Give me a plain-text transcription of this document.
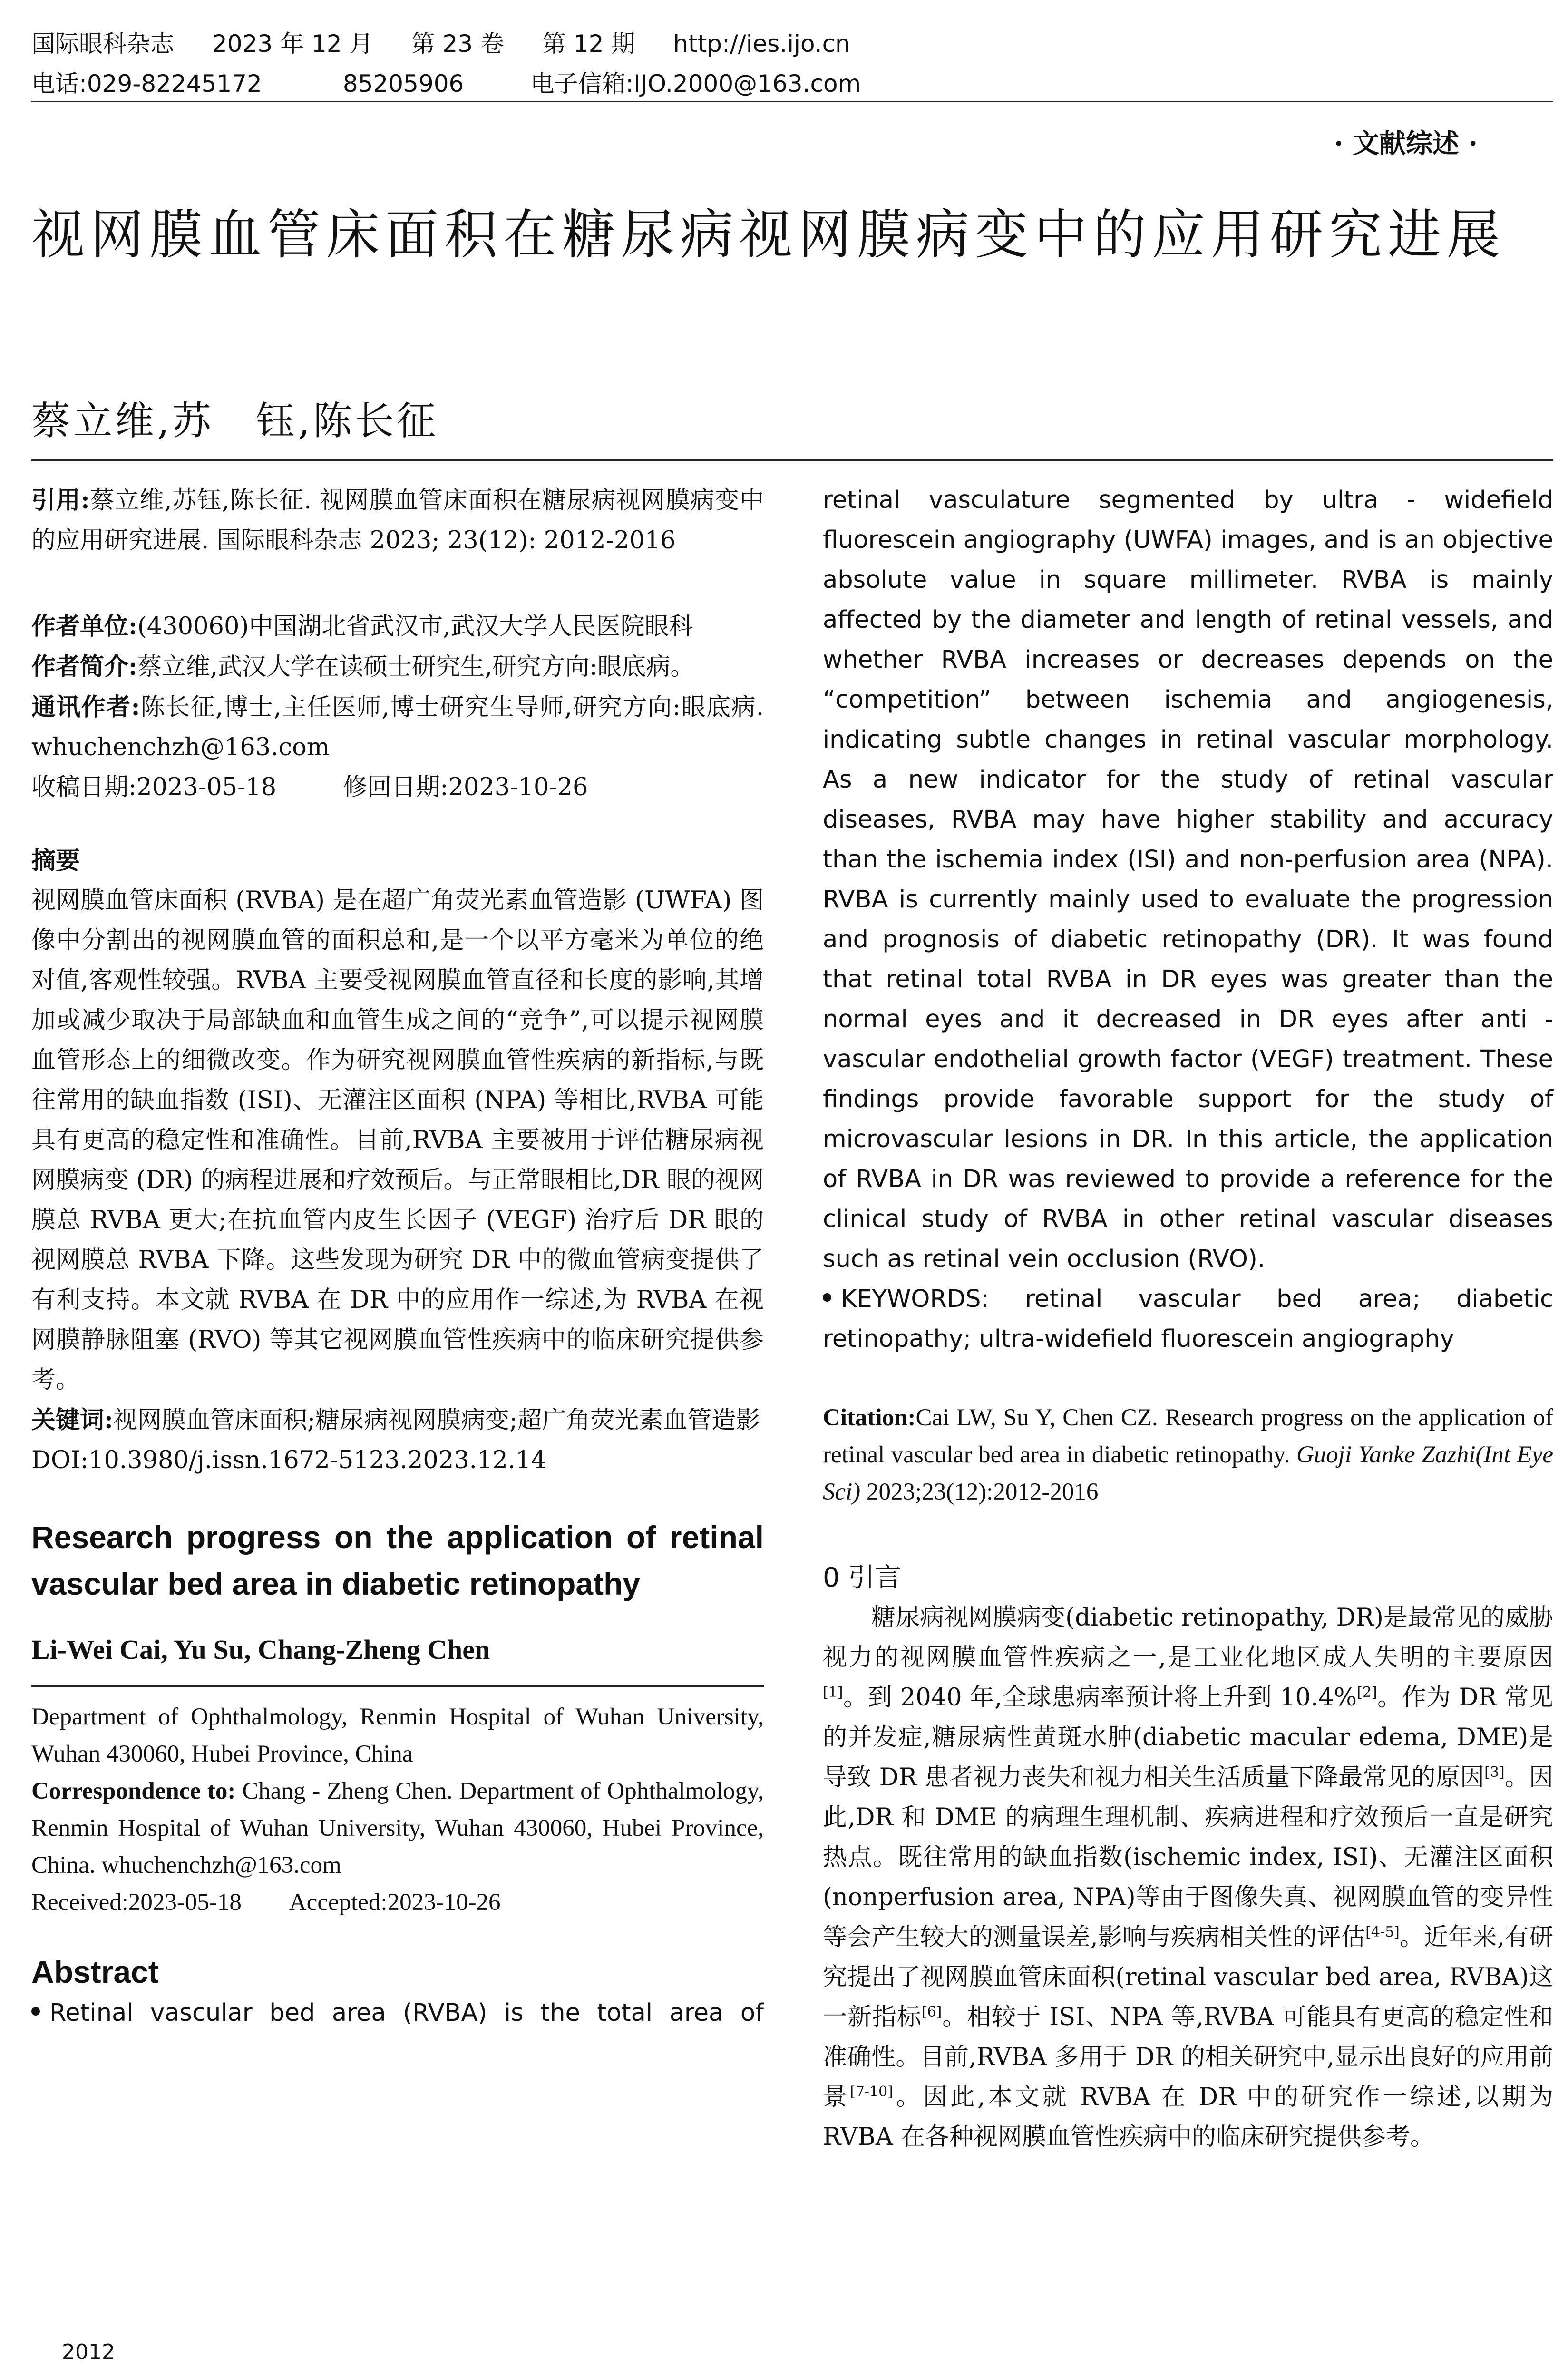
国际眼科杂志 2023 年 12 月 第 23 卷 第 12 期 http://ies.ijo.cn
电话:029-82245172	85205906	电子信箱:IJO.2000@163.com
· 文献综述 ·
视网膜血管床面积在糖尿病视网膜病变中的应用研究进展
蔡立维,苏　钰,陈长征

引用:蔡立维,苏钰,陈长征. 视网膜血管床面积在糖尿病视网膜病变中的应用研究进展. 国际眼科杂志 2023; 23(12): 2012-2016

作者单位:(430060)中国湖北省武汉市,武汉大学人民医院眼科

作者简介:蔡立维,武汉大学在读硕士研究生,研究方向:眼底病。

通讯作者:陈长征,博士,主任医师,博士研究生导师,研究方向:眼底病. whuchenchzh@163.com

收稿日期:2023-05-18	修回日期:2023-10-26

摘要

视网膜血管床面积 (RVBA) 是在超广角荧光素血管造影 (UWFA) 图像中分割出的视网膜血管的面积总和,是一个以平方毫米为单位的绝对值,客观性较强。RVBA 主要受视网膜血管直径和长度的影响,其增加或减少取决于局部缺血和血管生成之间的“竞争”,可以提示视网膜血管形态上的细微改变。作为研究视网膜血管性疾病的新指标,与既往常用的缺血指数 (ISI)、无灌注区面积 (NPA) 等相比,RVBA 可能具有更高的稳定性和准确性。目前,RVBA 主要被用于评估糖尿病视网膜病变 (DR) 的病程进展和疗效预后。与正常眼相比,DR 眼的视网膜总 RVBA 更大;在抗血管内皮生长因子 (VEGF) 治疗后 DR 眼的视网膜总 RVBA 下降。这些发现为研究 DR 中的微血管病变提供了有利支持。本文就 RVBA 在 DR 中的应用作一综述,为 RVBA 在视网膜静脉阻塞 (RVO) 等其它视网膜血管性疾病中的临床研究提供参考。

关键词:视网膜血管床面积;糖尿病视网膜病变;超广角荧光素血管造影

DOI:10.3980/j.issn.1672-5123.2023.12.14

Research progress on the application of retinal vascular bed area in diabetic retinopathy

Li-Wei Cai, Yu Su, Chang-Zheng Chen

Department of Ophthalmology, Renmin Hospital of Wuhan University, Wuhan 430060, Hubei Province, China

Correspondence to: Chang - Zheng Chen. Department of Ophthalmology, Renmin Hospital of Wuhan University, Wuhan 430060, Hubei Province, China. whuchenchzh@163.com

Received:2023-05-18 Accepted:2023-10-26

Abstract

Retinal vascular bed area (RVBA) is the total area of

2012

retinal vasculature segmented by ultra - widefield fluorescein angiography (UWFA) images, and is an objective absolute value in square millimeter. RVBA is mainly affected by the diameter and length of retinal vessels, and whether RVBA increases or decreases depends on the “competition” between ischemia and angiogenesis, indicating subtle changes in retinal vascular morphology. As a new indicator for the study of retinal vascular diseases, RVBA may have higher stability and accuracy than the ischemia index (ISI) and non-perfusion area (NPA). RVBA is currently mainly used to evaluate the progression and prognosis of diabetic retinopathy (DR). It was found that retinal total RVBA in DR eyes was greater than the normal eyes and it decreased in DR eyes after anti - vascular endothelial growth factor (VEGF) treatment. These findings provide favorable support for the study of microvascular lesions in DR. In this article, the application of RVBA in DR was reviewed to provide a reference for the clinical study of RVBA in other retinal vascular diseases such as retinal vein occlusion (RVO).

KEYWORDS: retinal vascular bed area; diabetic retinopathy; ultra-widefield fluorescein angiography

Citation:Cai LW, Su Y, Chen CZ. Research progress on the application of retinal vascular bed area in diabetic retinopathy. Guoji Yanke Zazhi(Int Eye Sci) 2023;23(12):2012-2016

0 引言

糖尿病视网膜病变(diabetic retinopathy, DR)是最常见的威胁视力的视网膜血管性疾病之一,是工业化地区成人失明的主要原因[1]。到 2040 年,全球患病率预计将上升到 10.4%[2]。作为 DR 常见的并发症,糖尿病性黄斑水肿(diabetic macular edema, DME)是导致 DR 患者视力丧失和视力相关生活质量下降最常见的原因[3]。因此,DR 和 DME 的病理生理机制、疾病进程和疗效预后一直是研究热点。既往常用的缺血指数(ischemic index, ISI)、无灌注区面积(nonperfusion area, NPA)等由于图像失真、视网膜血管的变异性等会产生较大的测量误差,影响与疾病相关性的评估[4-5]。近年来,有研究提出了视网膜血管床面积(retinal vascular bed area, RVBA)这一新指标[6]。相较于 ISI、NPA 等,RVBA 可能具有更高的稳定性和准确性。目前,RVBA 多用于 DR 的相关研究中,显示出良好的应用前景[7-10]。因此,本文就 RVBA 在 DR 中的研究作一综述,以期为 RVBA 在各种视网膜血管性疾病中的临床研究提供参考。
